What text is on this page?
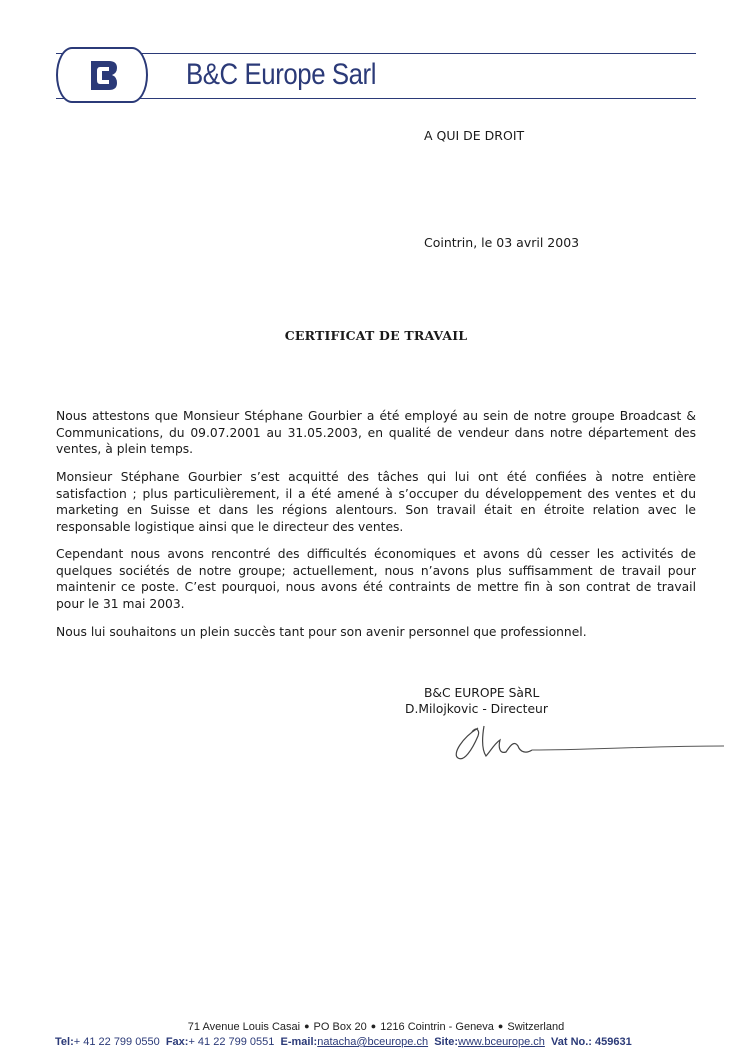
B&C Europe Sarl
A QUI DE DROIT
Cointrin, le 03 avril 2003
CERTIFICAT DE TRAVAIL
Nous attestons que Monsieur Stéphane Gourbier a été employé au sein de notre groupe Broadcast & Communications, du 09.07.2001 au 31.05.2003, en qualité de vendeur dans notre département des ventes, à plein temps.
Monsieur Stéphane Gourbier s’est acquitté des tâches qui lui ont été confiées à notre entière satisfaction ; plus particulièrement, il a été amené à s’occuper du développement des ventes et du marketing en Suisse et dans les régions alentours. Son travail était en étroite relation avec le responsable logistique ainsi que le directeur des ventes.
Cependant nous avons rencontré des difficultés économiques et avons dû cesser les activités de quelques sociétés de notre groupe; actuellement, nous n’avons plus suffisamment de travail pour maintenir ce poste. C’est pourquoi, nous avons été contraints de mettre fin à son contrat de travail pour le 31 mai 2003.
Nous lui souhaitons un plein succès tant pour son avenir personnel que professionnel.
B&C EUROPE SàRL
D.Milojkovic - Directeur
71 Avenue Louis Casai ● PO Box 20 ● 1216 Cointrin - Geneva ● Switzerland
Tel:+ 41 22 799 0550 Fax:+ 41 22 799 0551 E-mail:natacha@bceurope.ch Site:www.bceurope.ch Vat No.: 459631
